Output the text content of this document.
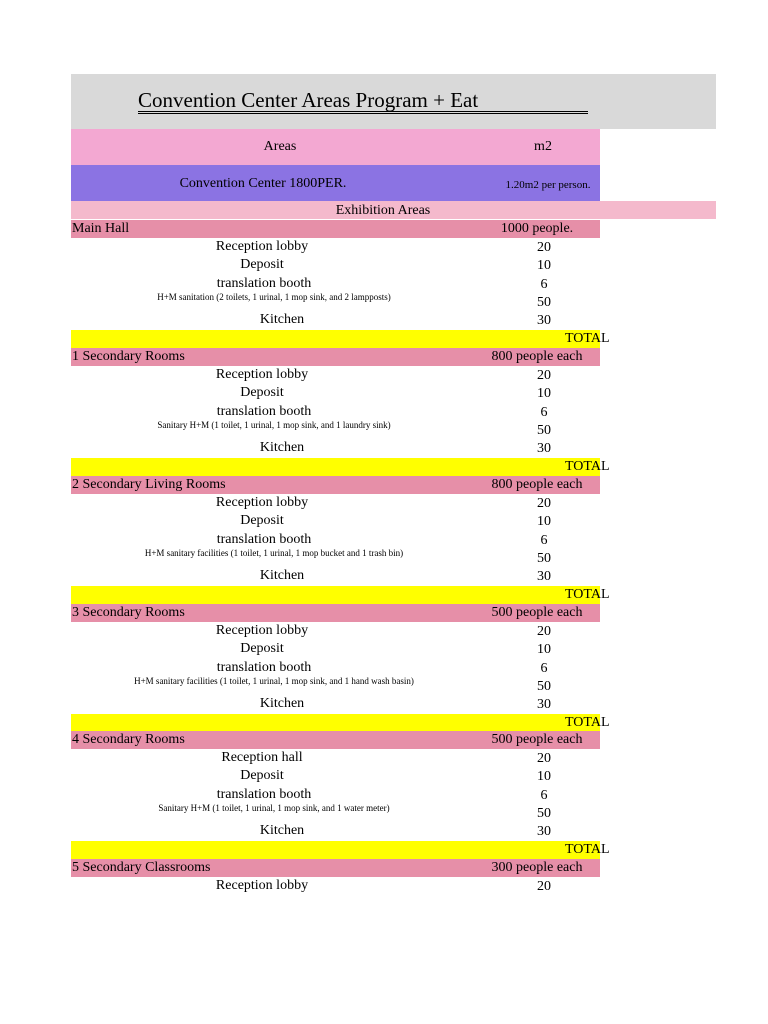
Convention Center Areas Program + Eat
Areas	m2
Convention Center 1800PER.	1.20m2 per person.
Exhibition Areas
Main Hall	1000 people.
Reception lobby	20
Deposit	10
translation booth	6
H+M sanitation (2 toilets, 1 urinal, 1 mop sink, and 2 lampposts)	50
Kitchen	30
TOTAL
1 Secondary Rooms	800 people each
Reception lobby	20
Deposit	10
translation booth	6
Sanitary H+M (1 toilet, 1 urinal, 1 mop sink, and 1 laundry sink)	50
Kitchen	30
TOTAL
2 Secondary Living Rooms	800 people each
Reception lobby	20
Deposit	10
translation booth	6
H+M sanitary facilities (1 toilet, 1 urinal, 1 mop bucket and 1 trash bin)	50
Kitchen	30
TOTAL
3 Secondary Rooms	500 people each
Reception lobby	20
Deposit	10
translation booth	6
H+M sanitary facilities (1 toilet, 1 urinal, 1 mop sink, and 1 hand wash basin)	50
Kitchen	30
TOTAL
4 Secondary Rooms	500 people each
Reception hall	20
Deposit	10
translation booth	6
Sanitary H+M (1 toilet, 1 urinal, 1 mop sink, and 1 water meter)	50
Kitchen	30
TOTAL
5 Secondary Classrooms	300 people each
Reception lobby	20
